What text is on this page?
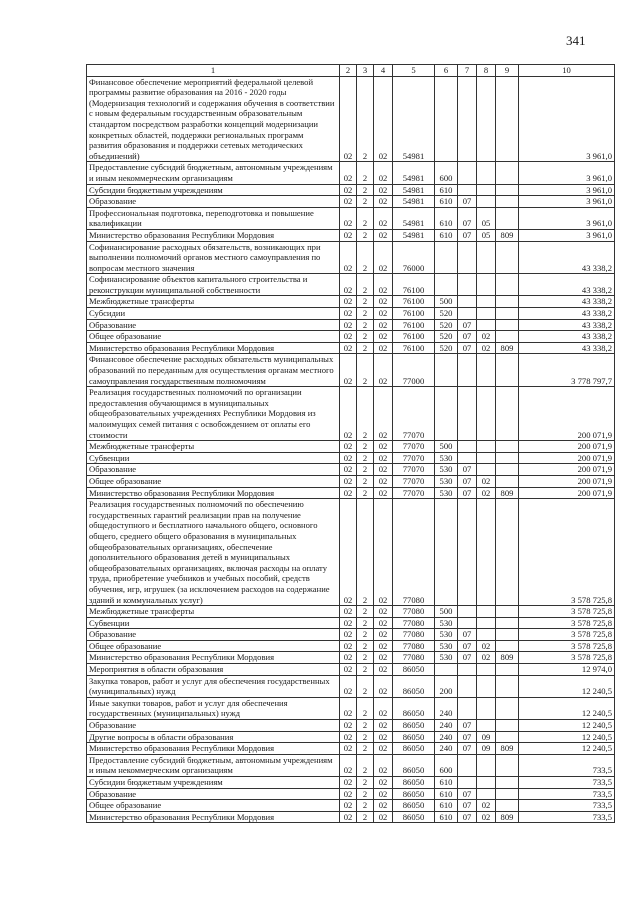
341
1	2	3	4	5	6	7	8	9	10
Финансовое обеспечение мероприятий федеральной целевой программы развитие образования на 2016 - 2020 годы (Модернизация технологий и содержания обучения в соответствии с новым федеральным государственным образовательным стандартом посредством разработки концепций модернизации конкретных областей, поддержки региональных программ развития образования и поддержки сетевых методических объединений)	02	2	02	54981					3 961,0
Предоставление субсидий бюджетным, автономным учреждениям и иным некоммерческим организациям	02	2	02	54981	600				3 961,0
Субсидии бюджетным учреждениям	02	2	02	54981	610				3 961,0
Образование	02	2	02	54981	610	07			3 961,0
Профессиональная подготовка, переподготовка и повышение квалификации	02	2	02	54981	610	07	05		3 961,0
Министерство образования Республики Мордовия	02	2	02	54981	610	07	05	809	3 961,0
Софинансирование расходных обязательств, возникающих при выполнении полномочий органов местного самоуправления по вопросам местного значения	02	2	02	76000					43 338,2
Софинансирование объектов капитального строительства и реконструкции муниципальной собственности	02	2	02	76100					43 338,2
Межбюджетные трансферты	02	2	02	76100	500				43 338,2
Субсидии	02	2	02	76100	520				43 338,2
Образование	02	2	02	76100	520	07			43 338,2
Общее образование	02	2	02	76100	520	07	02		43 338,2
Министерство образования Республики Мордовия	02	2	02	76100	520	07	02	809	43 338,2
Финансовое обеспечение расходных обязательств муниципальных образований по переданным для осуществления органам местного самоуправления государственным полномочиям	02	2	02	77000					3 778 797,7
Реализация государственных полномочий по организации предоставления обучающимся в муниципальных общеобразовательных учреждениях Республики Мордовия из малоимущих семей питания с освобождением от оплаты его стоимости	02	2	02	77070					200 071,9
Межбюджетные трансферты	02	2	02	77070	500				200 071,9
Субвенции	02	2	02	77070	530				200 071,9
Образование	02	2	02	77070	530	07			200 071,9
Общее образование	02	2	02	77070	530	07	02		200 071,9
Министерство образования Республики Мордовия	02	2	02	77070	530	07	02	809	200 071,9
Реализация государственных полномочий по обеспечению государственных гарантий реализации прав на получение общедоступного и бесплатного начального общего, основного общего, среднего общего образования в муниципальных общеобразовательных организациях, обеспечение дополнительного образования детей в муниципальных общеобразовательных организациях, включая расходы на оплату труда, приобретение учебников и учебных пособий, средств обучения, игр, игрушек (за исключением расходов на содержание зданий и коммунальных услуг)	02	2	02	77080					3 578 725,8
Межбюджетные трансферты	02	2	02	77080	500				3 578 725,8
Субвенции	02	2	02	77080	530				3 578 725,8
Образование	02	2	02	77080	530	07			3 578 725,8
Общее образование	02	2	02	77080	530	07	02		3 578 725,8
Министерство образования Республики Мордовия	02	2	02	77080	530	07	02	809	3 578 725,8
Мероприятия в области образования	02	2	02	86050					12 974,0
Закупка товаров, работ и услуг для обеспечения государственных (муниципальных) нужд	02	2	02	86050	200				12 240,5
Иные закупки товаров, работ и услуг для обеспечения государственных (муниципальных) нужд	02	2	02	86050	240				12 240,5
Образование	02	2	02	86050	240	07			12 240,5
Другие вопросы в области образования	02	2	02	86050	240	07	09		12 240,5
Министерство образования Республики Мордовия	02	2	02	86050	240	07	09	809	12 240,5
Предоставление субсидий бюджетным, автономным учреждениям и иным некоммерческим организациям	02	2	02	86050	600				733,5
Субсидии бюджетным учреждениям	02	2	02	86050	610				733,5
Образование	02	2	02	86050	610	07			733,5
Общее образование	02	2	02	86050	610	07	02		733,5
Министерство образования Республики Мордовия	02	2	02	86050	610	07	02	809	733,5
